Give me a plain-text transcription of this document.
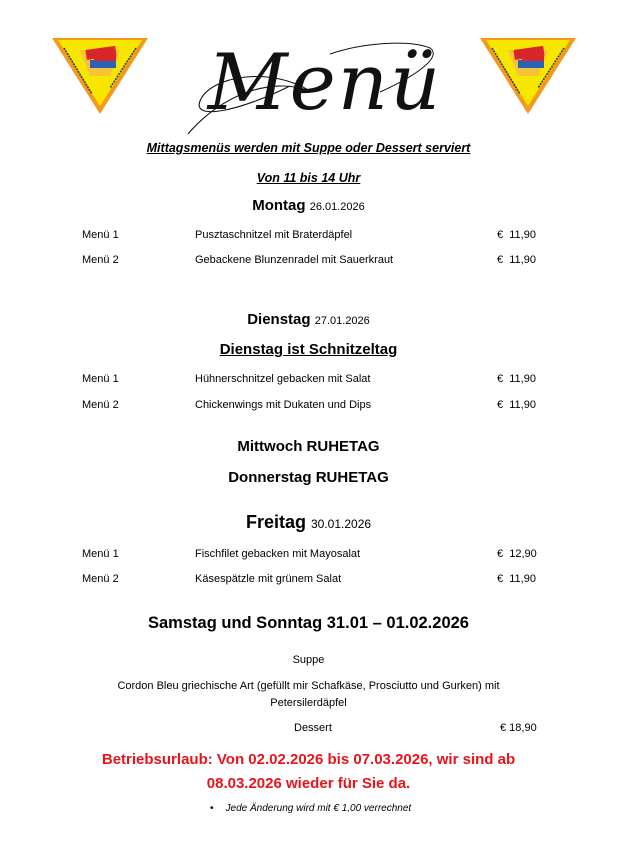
Menü
Mittagsmenüs werden mit Suppe oder Dessert serviert
Von 11 bis 14 Uhr
Montag 26.01.2026
Menü 1	Pusztaschnitzel mit Braterdäpfel	€  11,90
Menü 2	Gebackene Blunzenradel mit Sauerkraut	€  11,90
Dienstag 27.01.2026
Dienstag ist Schnitzeltag
Menü 1	Hühnerschnitzel gebacken mit Salat	€  11,90
Menü 2	Chickenwings mit Dukaten und Dips	€  11,90
Mittwoch RUHETAG
Donnerstag RUHETAG
Freitag 30.01.2026
Menü 1	Fischfilet gebacken mit Mayosalat	€  12,90
Menü 2	Käsespätzle mit grünem Salat	€  11,90
Samstag und Sonntag 31.01 – 01.02.2026
Suppe
Cordon Bleu griechische Art (gefüllt mir Schafkäse, Prosciutto und Gurken) mit
Petersilerdäpfel
Dessert	€ 18,90
Betriebsurlaub: Von 02.02.2026 bis 07.03.2026, wir sind ab
08.03.2026 wieder für Sie da.
• Jede Änderung wird mit € 1,00 verrechnet
